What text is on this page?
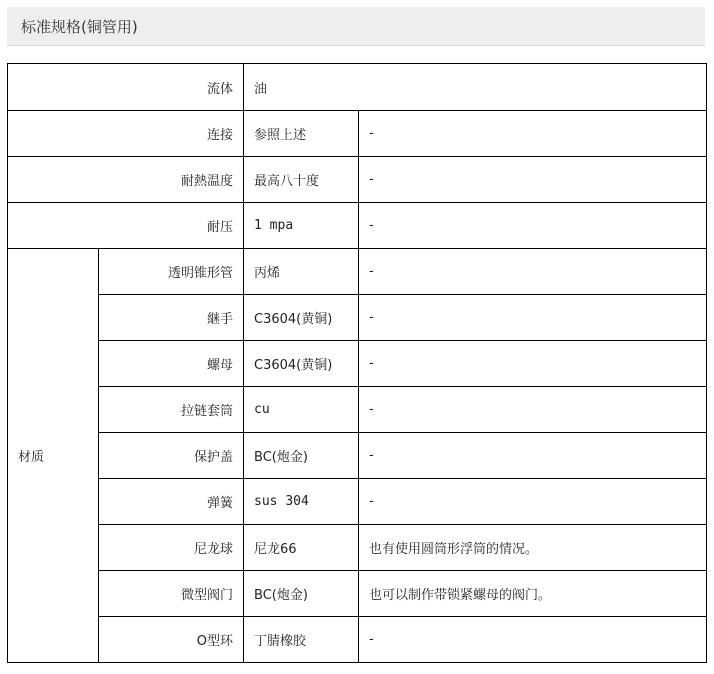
标准规格(铜管用)
流体		油	
连接		参照上述	-
耐熱温度		最高八十度	-
耐压		1 mpa	-
材质	透明锥形管	丙烯	-
	継手	C3604(黄铜)	-
	螺母	C3604(黄铜)	-
	拉链套筒	cu	-
	保护盖	BC(炮金)	-
	弹簧	sus 304	-
	尼龙球	尼龙66	也有使用圆筒形浮筒的情况。
	微型阀门	BC(炮金)	也可以制作带锁紧螺母的阀门。
	O型环	丁腈橡胶	-
